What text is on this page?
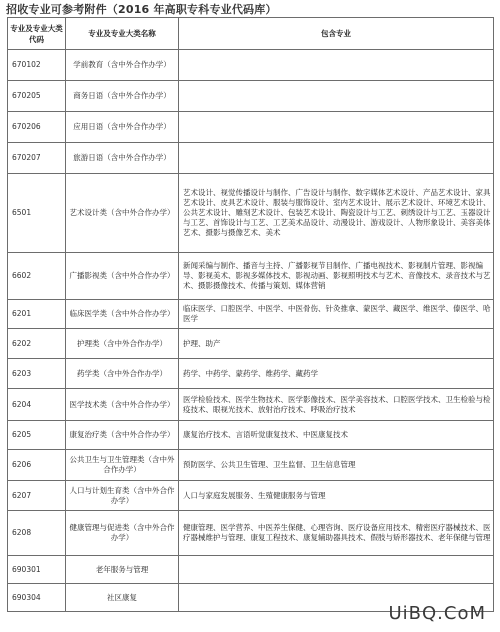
招收专业可参考附件（2016 年高职专科专业代码库）
专业及专业大类代码	专业及专业大类名称	包含专业
670102	学前教育（含中外合作办学）	
670205	商务日语（含中外合作办学）	
670206	应用日语（含中外合作办学）	
670207	旅游日语（含中外合作办学）	
6501	艺术设计类（含中外合作办学）	艺术设计、视觉传播设计与制作、广告设计与制作、数字媒体艺术设计、产品艺术设计、家具艺术设计、皮具艺术设计、服装与服饰设计、室内艺术设计、展示艺术设计、环境艺术设计、公共艺术设计、雕刻艺术设计、包装艺术设计、陶瓷设计与工艺、刺绣设计与工艺、玉器设计与工艺、首饰设计与工艺、工艺美术品设计、动漫设计、游戏设计、人物形象设计、美容美体艺术、摄影与摄像艺术、美术
6602	广播影视类（含中外合作办学）	新闻采编与制作、播音与主持、广播影视节目制作、广播电视技术、影视制片管理、影视编导、影视美术、影视多媒体技术、影视动画、影视照明技术与艺术、音像技术、录音技术与艺术、摄影摄像技术、传播与策划、媒体营销
6201	临床医学类（含中外合作办学）	临床医学、口腔医学、中医学、中医骨伤、针灸推拿、蒙医学、藏医学、维医学、傣医学、哈医学
6202	护理类（含中外合作办学）	护理、助产
6203	药学类（含中外合作办学）	药学、中药学、蒙药学、维药学、藏药学
6204	医学技术类（含中外合作办学）	医学检验技术、医学生物技术、医学影像技术、医学美容技术、口腔医学技术、卫生检验与检疫技术、眼视光技术、放射治疗技术、呼吸治疗技术
6205	康复治疗类（含中外合作办学）	康复治疗技术、言语听觉康复技术、中医康复技术
6206	公共卫生与卫生管理类（含中外合作办学）	预防医学、公共卫生管理、卫生监督、卫生信息管理
6207	人口与计划生育类（含中外合作办学）	人口与家庭发展服务、生殖健康服务与管理
6208	健康管理与促进类（含中外合作办学）	健康管理、医学营养、中医养生保健、心理咨询、医疗设备应用技术、精密医疗器械技术、医疗器械维护与管理、康复工程技术、康复辅助器具技术、假肢与矫形器技术、老年保健与管理
690301	老年服务与管理	
690304	社区康复	
UiBQ.CoM
